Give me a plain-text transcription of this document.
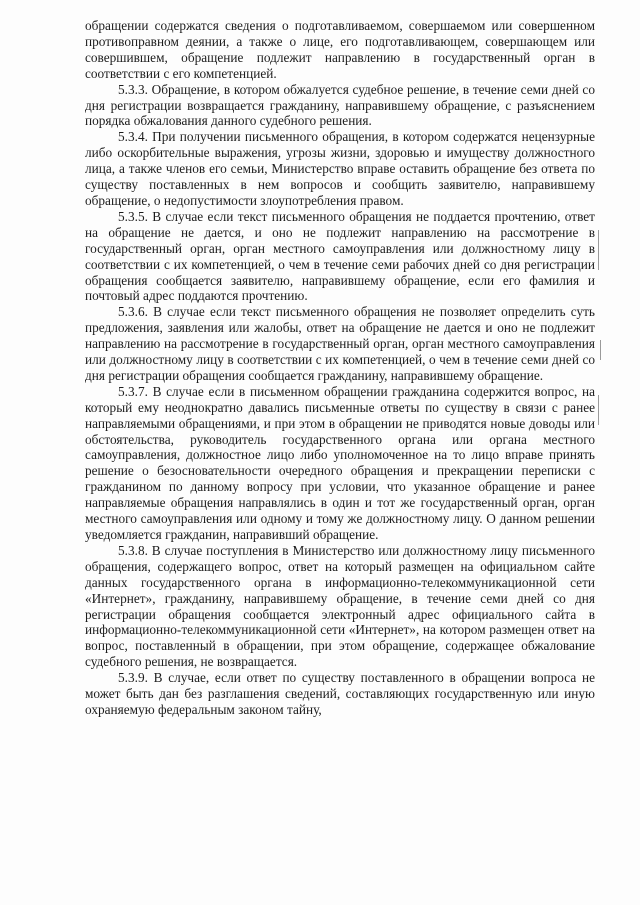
обращении содержатся сведения о подготавливаемом, совершаемом или совершенном противоправном деянии, а также о лице, его подготавливающем, совершающем или совершившем, обращение подлежит направлению в государственный орган в соответствии с его компетенцией.

5.3.3. Обращение, в котором обжалуется судебное решение, в течение семи дней со дня регистрации возвращается гражданину, направившему обращение, с разъяснением порядка обжалования данного судебного решения.

5.3.4. При получении письменного обращения, в котором содержатся нецензурные либо оскорбительные выражения, угрозы жизни, здоровью и имуществу должностного лица, а также членов его семьи, Министерство вправе оставить обращение без ответа по существу поставленных в нем вопросов и сообщить заявителю, направившему обращение, о недопустимости злоупотребления правом.

5.3.5. В случае если текст письменного обращения не поддается прочтению, ответ на обращение не дается, и оно не подлежит направлению на рассмотрение в государственный орган, орган местного самоуправления или должностному лицу в соответствии с их компетенцией, о чем в течение семи рабочих дней со дня регистрации обращения сообщается заявителю, направившему обращение, если его фамилия и почтовый адрес поддаются прочтению.

5.3.6. В случае если текст письменного обращения не позволяет определить суть предложения, заявления или жалобы, ответ на обращение не дается и оно не подлежит направлению на рассмотрение в государственный орган, орган местного самоуправления или должностному лицу в соответствии с их компетенцией, о чем в течение семи дней со дня регистрации обращения сообщается гражданину, направившему обращение.

5.3.7. В случае если в письменном обращении гражданина содержится вопрос, на который ему неоднократно давались письменные ответы по существу в связи с ранее направляемыми обращениями, и при этом в обращении не приводятся новые доводы или обстоятельства, руководитель государственного органа или органа местного самоуправления, должностное лицо либо уполномоченное на то лицо вправе принять решение о безосновательности очередного обращения и прекращении переписки с гражданином по данному вопросу при условии, что указанное обращение и ранее направляемые обращения направлялись в один и тот же государственный орган, орган местного самоуправления или одному и тому же должностному лицу. О данном решении уведомляется гражданин, направивший обращение.

5.3.8. В случае поступления в Министерство или должностному лицу письменного обращения, содержащего вопрос, ответ на который размещен на официальном сайте данных государственного органа в информационно-телекоммуникационной сети «Интернет», гражданину, направившему обращение, в течение семи дней со дня регистрации обращения сообщается электронный адрес официального сайта в информационно-телекоммуникационной сети «Интернет», на котором размещен ответ на вопрос, поставленный в обращении, при этом обращение, содержащее обжалование судебного решения, не возвращается.

5.3.9. В случае, если ответ по существу поставленного в обращении вопроса не может быть дан без разглашения сведений, составляющих государственную или иную охраняемую федеральным законом тайну,
